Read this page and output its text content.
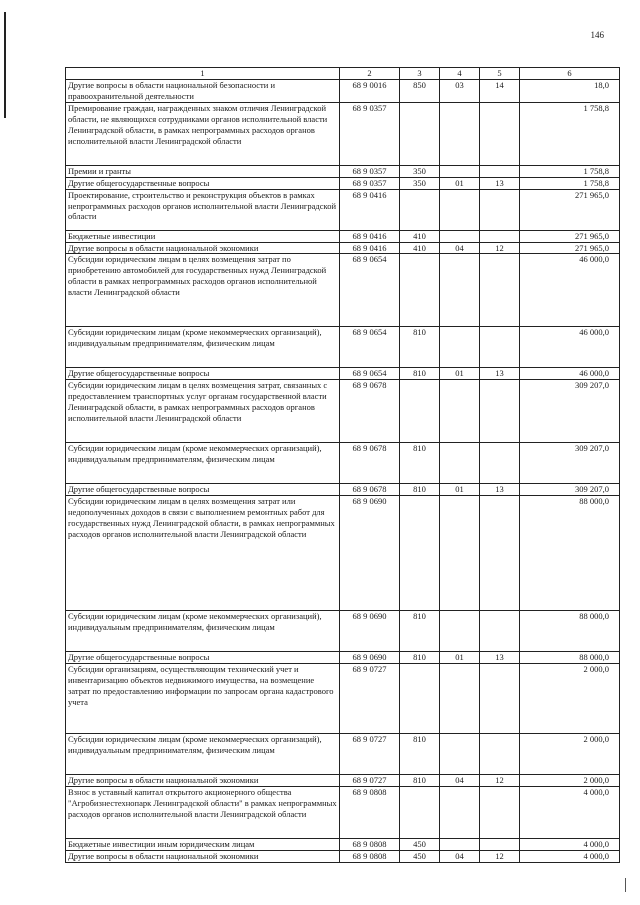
146
1	2	3	4	5	6
Другие вопросы в области национальной безопасности и правоохранительной деятельности	68 9 0016	850	03	14	18,0
Премирование граждан, награжденных знаком отличия Ленинградской области, не являющихся сотрудниками органов исполнительной власти Ленинградской области, в рамках непрограммных расходов органов исполнительной власти Ленинградской области	68 9 0357				1 758,8
Премии и гранты	68 9 0357	350			1 758,8
Другие общегосударственные вопросы	68 9 0357	350	01	13	1 758,8
Проектирование, строительство и реконструкция объектов в рамках непрограммных расходов органов исполнительной власти Ленинградской области	68 9 0416				271 965,0
Бюджетные инвестиции	68 9 0416	410			271 965,0
Другие вопросы в области национальной экономики	68 9 0416	410	04	12	271 965,0
Субсидии юридическим лицам в целях возмещения затрат по приобретению автомобилей для государственных нужд Ленинградской области в рамках непрограммных расходов органов исполнительной власти Ленинградской области	68 9 0654				46 000,0
Субсидии юридическим лицам (кроме некоммерческих организаций), индивидуальным предпринимателям, физическим лицам	68 9 0654	810			46 000,0
Другие общегосударственные вопросы	68 9 0654	810	01	13	46 000,0
Субсидии юридическим лицам в целях возмещения затрат, связанных с предоставлением транспортных услуг органам государственной власти Ленинградской области, в рамках непрограммных расходов органов исполнительной власти Ленинградской области	68 9 0678				309 207,0
Субсидии юридическим лицам (кроме некоммерческих организаций), индивидуальным предпринимателям, физическим лицам	68 9 0678	810			309 207,0
Другие общегосударственные вопросы	68 9 0678	810	01	13	309 207,0
Субсидии юридическим лицам в целях возмещения затрат или недополученных доходов в связи с выполнением ремонтных работ для государственных нужд Ленинградской области, в рамках непрограммных расходов органов исполнительной власти Ленинградской области	68 9 0690				88 000,0
Субсидии юридическим лицам (кроме некоммерческих организаций), индивидуальным предпринимателям, физическим лицам	68 9 0690	810			88 000,0
Другие общегосударственные вопросы	68 9 0690	810	01	13	88 000,0
Субсидии организациям, осуществляющим технический учет и инвентаризацию объектов недвижимого имущества, на возмещение затрат по предоставлению информации по запросам органа кадастрового учета	68 9 0727				2 000,0
Субсидии юридическим лицам (кроме некоммерческих организаций), индивидуальным предпринимателям, физическим лицам	68 9 0727	810			2 000,0
Другие вопросы в области национальной экономики	68 9 0727	810	04	12	2 000,0
Взнос в уставный капитал открытого акционерного общества "Агробизнестехнопарк Ленинградской области" в рамках непрограммных расходов органов исполнительной власти Ленинградской области	68 9 0808				4 000,0
Бюджетные инвестиции иным юридическим лицам	68 9 0808	450			4 000,0
Другие вопросы в области национальной экономики	68 9 0808	450	04	12	4 000,0
